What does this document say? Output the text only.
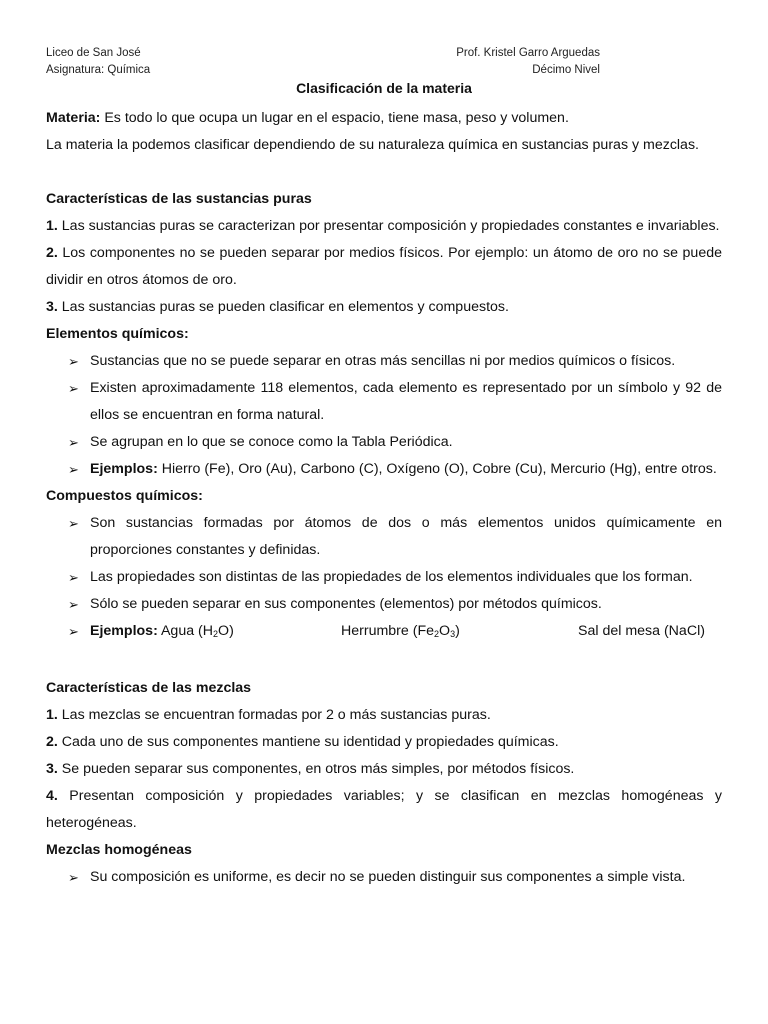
Liceo de San José
Asignatura: Química
Prof. Kristel Garro Arguedas
Décimo Nivel
Clasificación de la materia

Materia: Es todo lo que ocupa un lugar en el espacio, tiene masa, peso y volumen.

La materia la podemos clasificar dependiendo de su naturaleza química en sustancias puras y mezclas.

Características de las sustancias puras

1. Las sustancias puras se caracterizan por presentar composición y propiedades constantes e invariables.

2. Los componentes no se pueden separar por medios físicos. Por ejemplo: un átomo de oro no se puede dividir en otros átomos de oro.

3. Las sustancias puras se pueden clasificar en elementos y compuestos.

Elementos químicos:

➢ Sustancias que no se puede separar en otras más sencillas ni por medios químicos o físicos.
➢ Existen aproximadamente 118 elementos, cada elemento es representado por un símbolo y 92 de ellos se encuentran en forma natural.
➢ Se agrupan en lo que se conoce como la Tabla Periódica.
➢ Ejemplos: Hierro (Fe), Oro (Au), Carbono (C), Oxígeno (O), Cobre (Cu), Mercurio (Hg), entre otros.

Compuestos químicos:

➢ Son sustancias formadas por átomos de dos o más elementos unidos químicamente en proporciones constantes y definidas.
➢ Las propiedades son distintas de las propiedades de los elementos individuales que los forman.
➢ Sólo se pueden separar en sus componentes (elementos) por métodos químicos.
➢ Ejemplos: Agua $(H_2O)$	Herrumbre $(Fe_2O_3)$	Sal del mesa (NaCl)

Características de las mezclas

1. Las mezclas se encuentran formadas por 2 o más sustancias puras.

2. Cada uno de sus componentes mantiene su identidad y propiedades químicas.

3. Se pueden separar sus componentes, en otros más simples, por métodos físicos.

4. Presentan composición y propiedades variables; y se clasifican en mezclas homogéneas y heterogéneas.

Mezclas homogéneas

➢ Su composición es uniforme, es decir no se pueden distinguir sus componentes a simple vista.
